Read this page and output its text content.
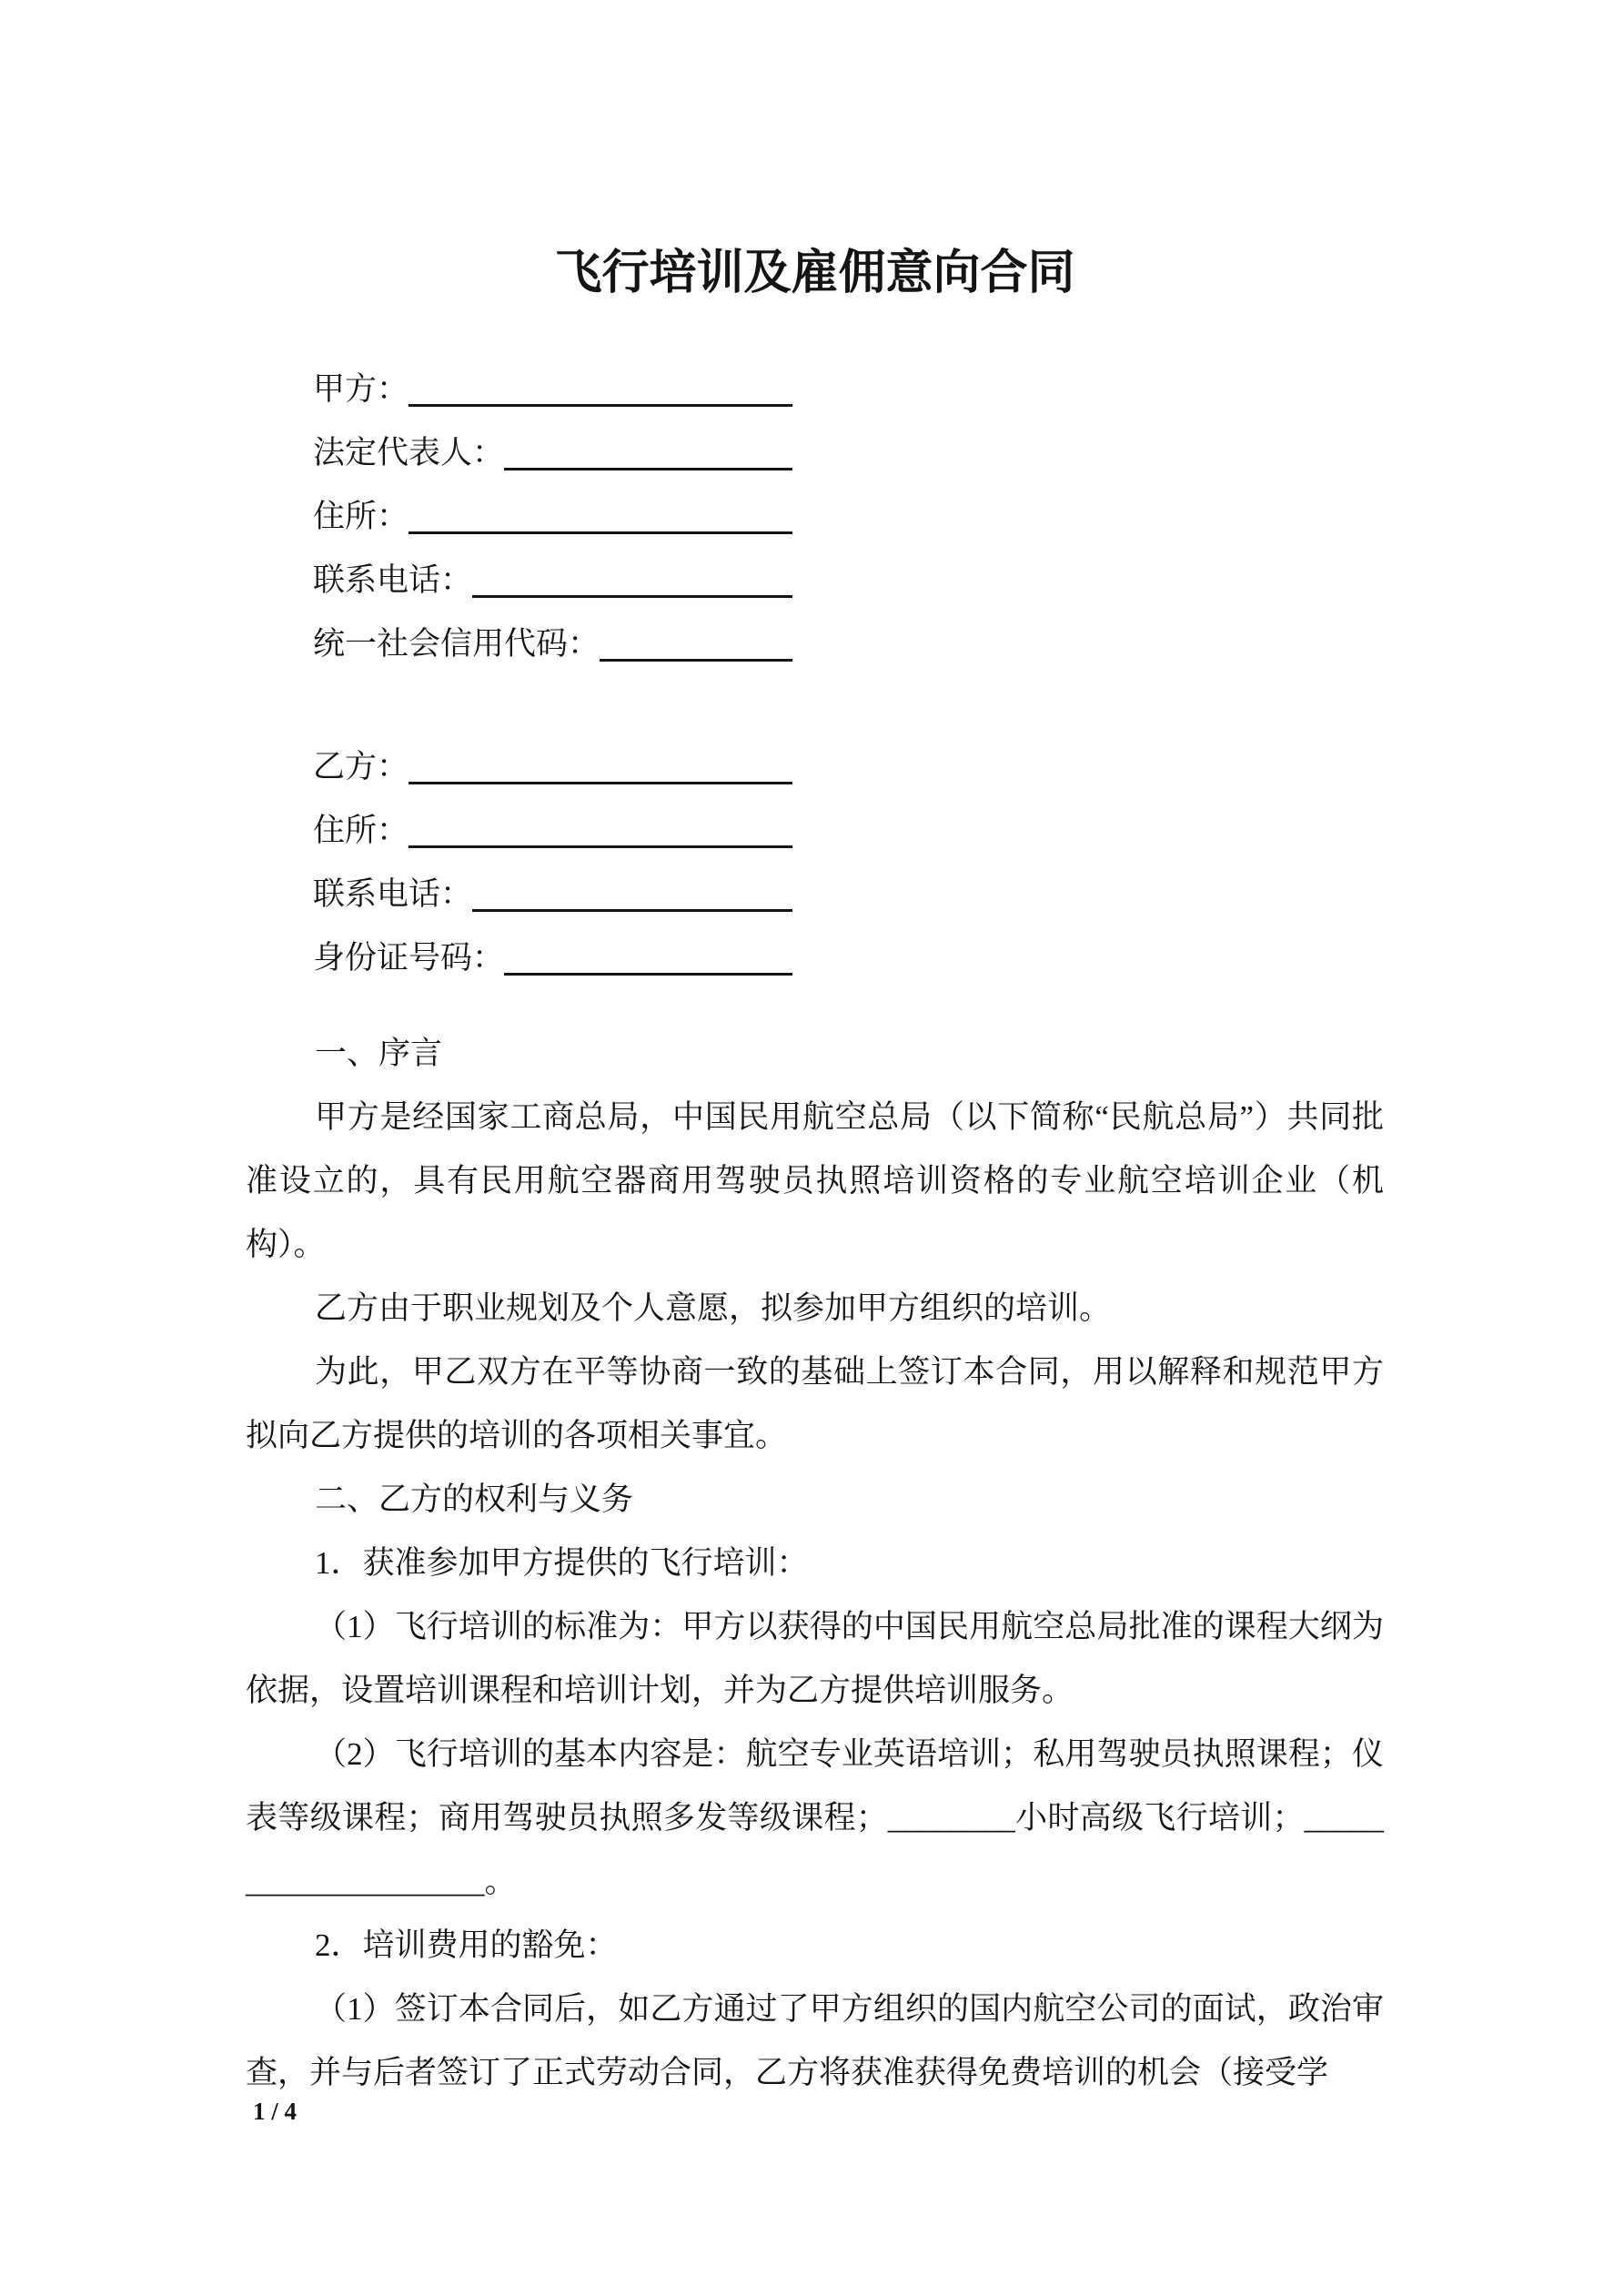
飞行培训及雇佣意向合同
甲方：
法定代表人：
住所：
联系电话：
统一社会信用代码：
乙方：
住所：
联系电话：
身份证号码：

一、序言

甲方是经国家工商总局，中国民用航空总局（以下简称“民航总局”）共同批准设立的，具有民用航空器商用驾驶员执照培训资格的专业航空培训企业（机构）。

乙方由于职业规划及个人意愿，拟参加甲方组织的培训。

为此，甲乙双方在平等协商一致的基础上签订本合同，用以解释和规范甲方拟向乙方提供的培训的各项相关事宜。

二、乙方的权利与义务

1．获准参加甲方提供的飞行培训：

（1）飞行培训的标准为：甲方以获得的中国民用航空总局批准的课程大纲为依据，设置培训课程和培训计划，并为乙方提供培训服务。

（2）飞行培训的基本内容是：航空专业英语培训；私用驾驶员执照课程；仪表等级课程；商用驾驶员执照多发等级课程；________小时高级飞行培训；____________________。

2．培训费用的豁免：

（1）签订本合同后，如乙方通过了甲方组织的国内航空公司的面试，政治审查，并与后者签订了正式劳动合同，乙方将获准获得免费培训的机会（接受学

1 / 4
